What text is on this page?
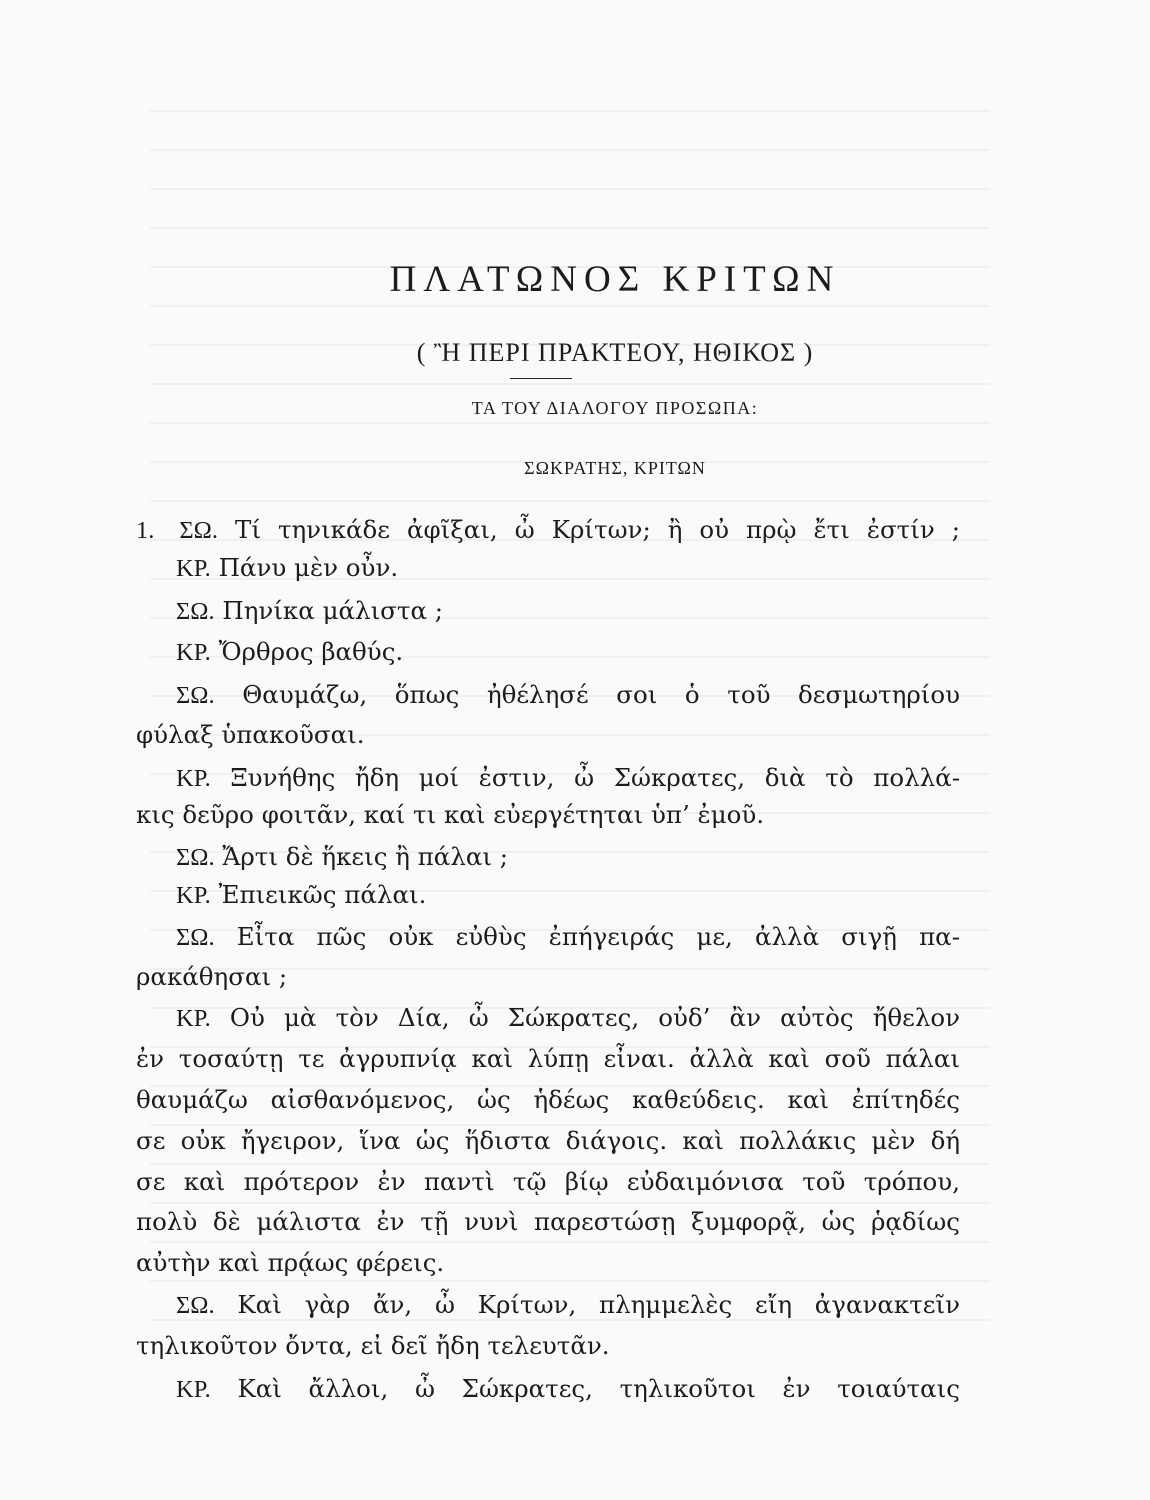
ΠΛΑΤΩΝΟΣ ΚΡΙΤΩΝ
( Ἢ ΠΕΡΙ ΠΡΑΚΤΕΟΥ, ΗΘΙΚΟΣ )
ΤΑ ΤΟΥ ΔΙΑΛΟΓΟΥ ΠΡΟΣΩΠΑ:
ΣΩΚΡΑΤΗΣ, ΚΡΙΤΩΝ
1. ΣΩ. Τί τηνικάδε ἀφῖξαι, ὦ Κρίτων; ἢ οὐ πρῲ ἔτι ἐστίν ;
ΚΡ. Πάνυ μὲν οὖν.
ΣΩ. Πηνίκα μάλιστα ;
ΚΡ. Ὄρθρος βαθύς.
ΣΩ. Θαυμάζω, ὅπως ἠθέλησέ σοι ὁ τοῦ δεσμωτηρίου
φύλαξ ὑπακοῦσαι.
ΚΡ. Ξυνήθης ἤδη μοί ἐστιν, ὦ Σώκρατες, διὰ τὸ πολλά-
κις δεῦρο φοιτᾶν, καί τι καὶ εὐεργέτηται ὑπ’ ἐμοῦ.
ΣΩ. Ἄρτι δὲ ἥκεις ἢ πάλαι ;
ΚΡ. Ἐπιεικῶς πάλαι.
ΣΩ. Εἶτα πῶς οὐκ εὐθὺς ἐπήγειράς με, ἀλλὰ σιγῇ πα-
ρακάθησαι ;
ΚΡ. Οὐ μὰ τὸν Δία, ὦ Σώκρατες, οὐδ’ ἂν αὐτὸς ἤθελον
ἐν τοσαύτῃ τε ἀγρυπνίᾳ καὶ λύπῃ εἶναι. ἀλλὰ καὶ σοῦ πάλαι
θαυμάζω αἰσθανόμενος, ὡς ἡδέως καθεύδεις. καὶ ἐπίτηδές
σε οὐκ ἤγειρον, ἵνα ὡς ἥδιστα διάγοις. καὶ πολλάκις μὲν δή
σε καὶ πρότερον ἐν παντὶ τῷ βίῳ εὐδαιμόνισα τοῦ τρόπου,
πολὺ δὲ μάλιστα ἐν τῇ νυνὶ παρεστώσῃ ξυμφορᾷ, ὡς ῥᾳδίως
αὐτὴν καὶ πρᾴως φέρεις.
ΣΩ. Καὶ γὰρ ἄν, ὦ Κρίτων, πλημμελὲς εἴη ἀγανακτεῖν
τηλικοῦτον ὄντα, εἰ δεῖ ἤδη τελευτᾶν.
ΚΡ. Καὶ ἄλλοι, ὦ Σώκρατες, τηλικοῦτοι ἐν τοιαύταις
